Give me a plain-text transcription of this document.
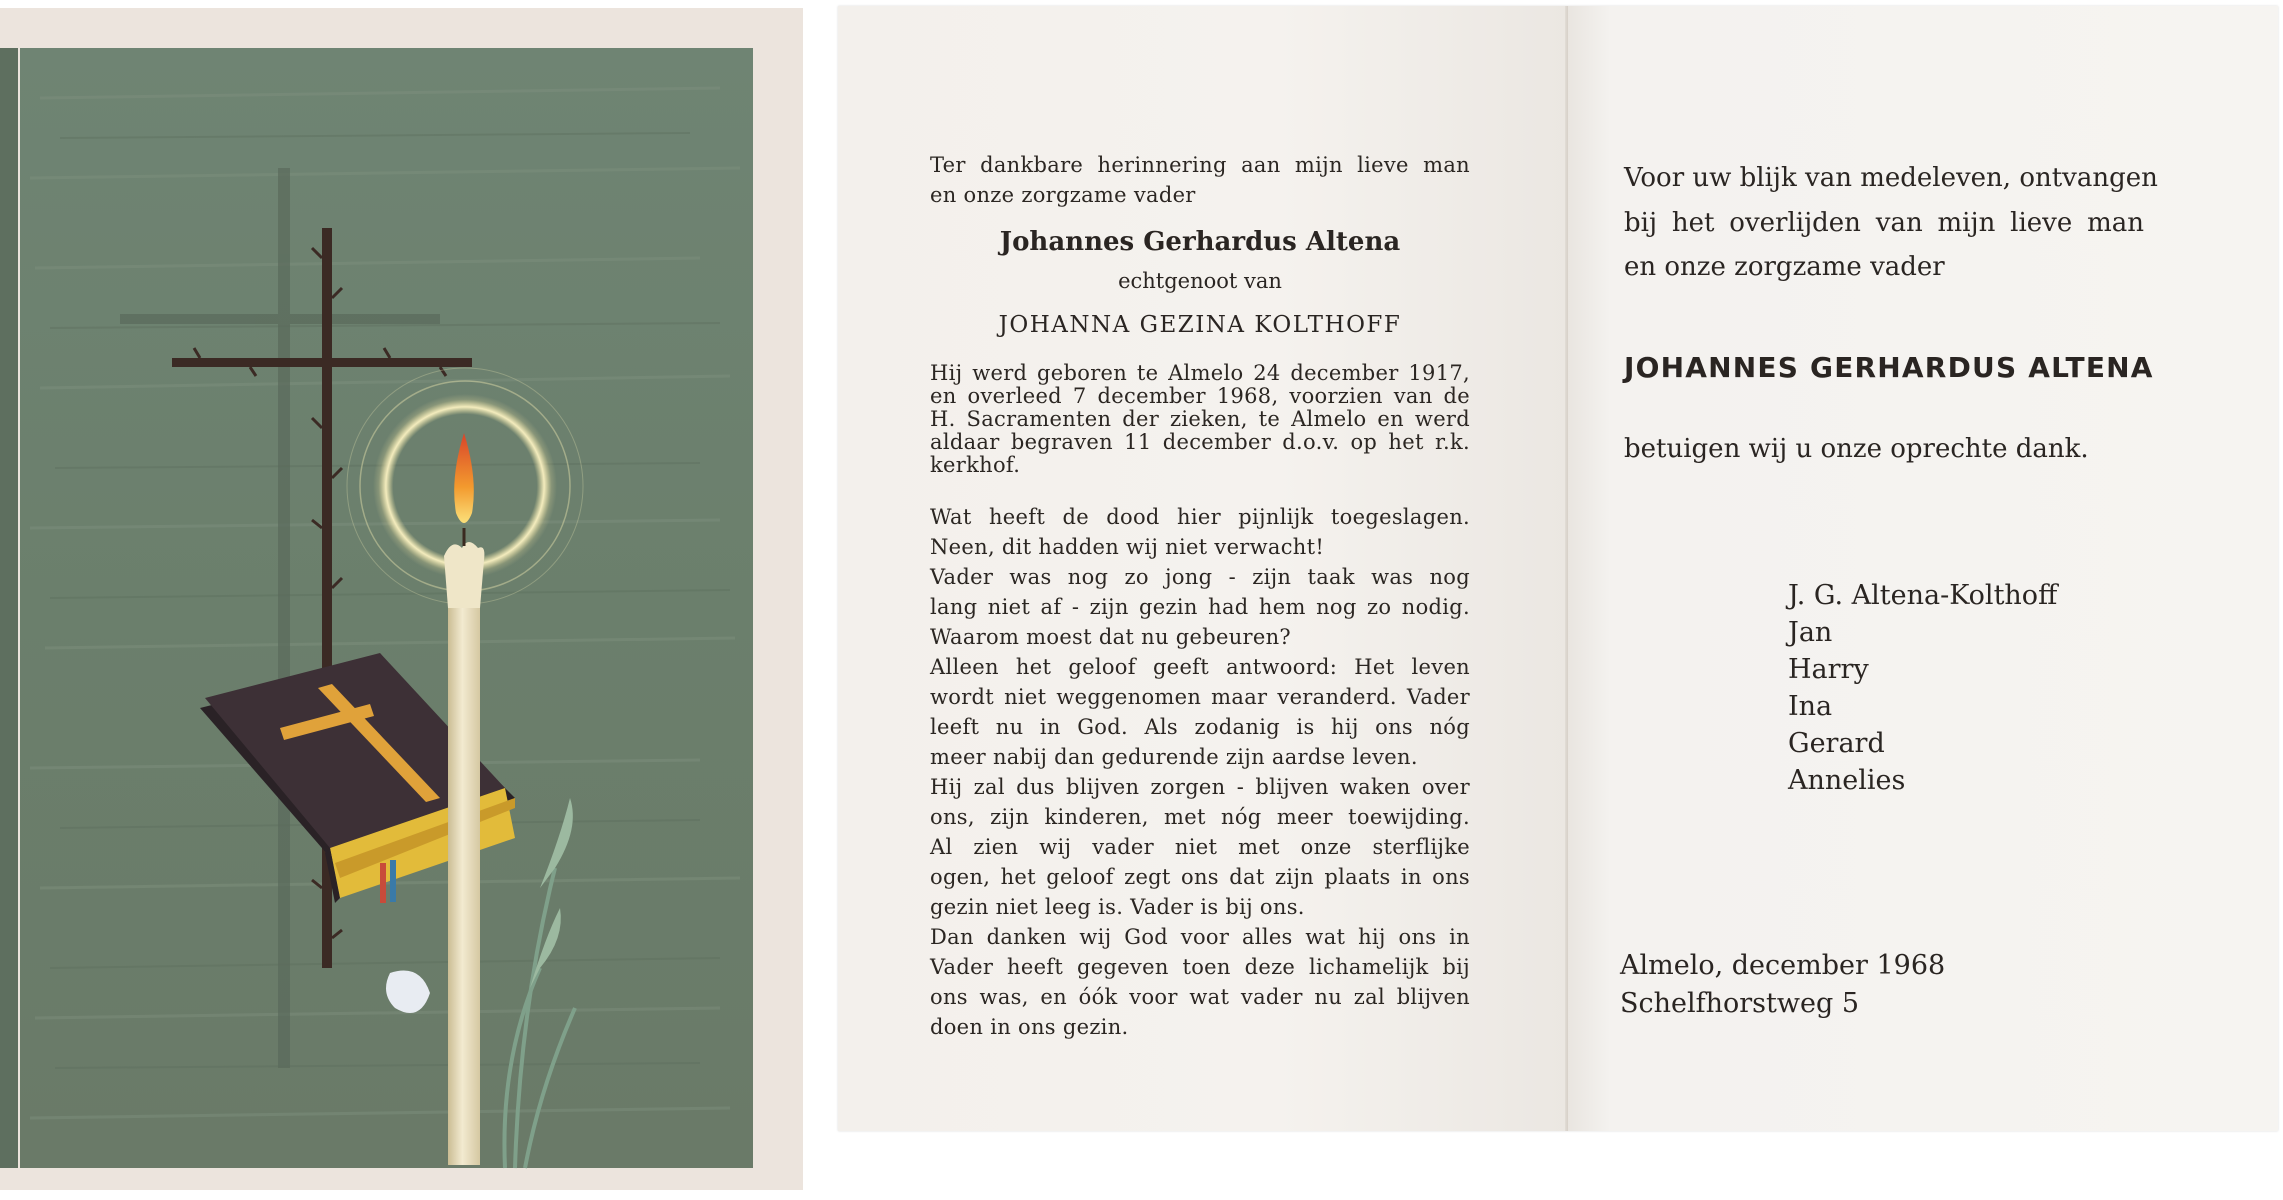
Ter dankbare herinnering aan mijn lieve man
en onze zorgzame vader
Johannes Gerhardus Altena
echtgenoot van
JOHANNA GEZINA KOLTHOFF
Hij werd geboren te Almelo 24 december 1917,
en overleed 7 december 1968, voorzien van de
H. Sacramenten der zieken, te Almelo en werd
aldaar begraven 11 december d.o.v. op het r.k.
kerkhof.
Wat heeft de dood hier pijnlijk toegeslagen.
Neen, dit hadden wij niet verwacht!
Vader was nog zo jong - zijn taak was nog
lang niet af - zijn gezin had hem nog zo nodig.
Waarom moest dat nu gebeuren?
Alleen het geloof geeft antwoord: Het leven
wordt niet weggenomen maar veranderd. Vader
leeft nu in God. Als zodanig is hij ons nóg
meer nabij dan gedurende zijn aardse leven.
Hij zal dus blijven zorgen - blijven waken over
ons, zijn kinderen, met nóg meer toewijding.
Al zien wij vader niet met onze sterflijke
ogen, het geloof zegt ons dat zijn plaats in ons
gezin niet leeg is. Vader is bij ons.
Dan danken wij God voor alles wat hij ons in
Vader heeft gegeven toen deze lichamelijk bij
ons was, en óók voor wat vader nu zal blijven
doen in ons gezin.
Voor uw blijk van medeleven, ontvangen
bij het overlijden van mijn lieve man
en onze zorgzame vader
JOHANNES GERHARDUS ALTENA
betuigen wij u onze oprechte dank.
J. G. Altena-Kolthoff
Jan
Harry
Ina
Gerard
Annelies
Almelo, december 1968
Schelfhorstweg 5
